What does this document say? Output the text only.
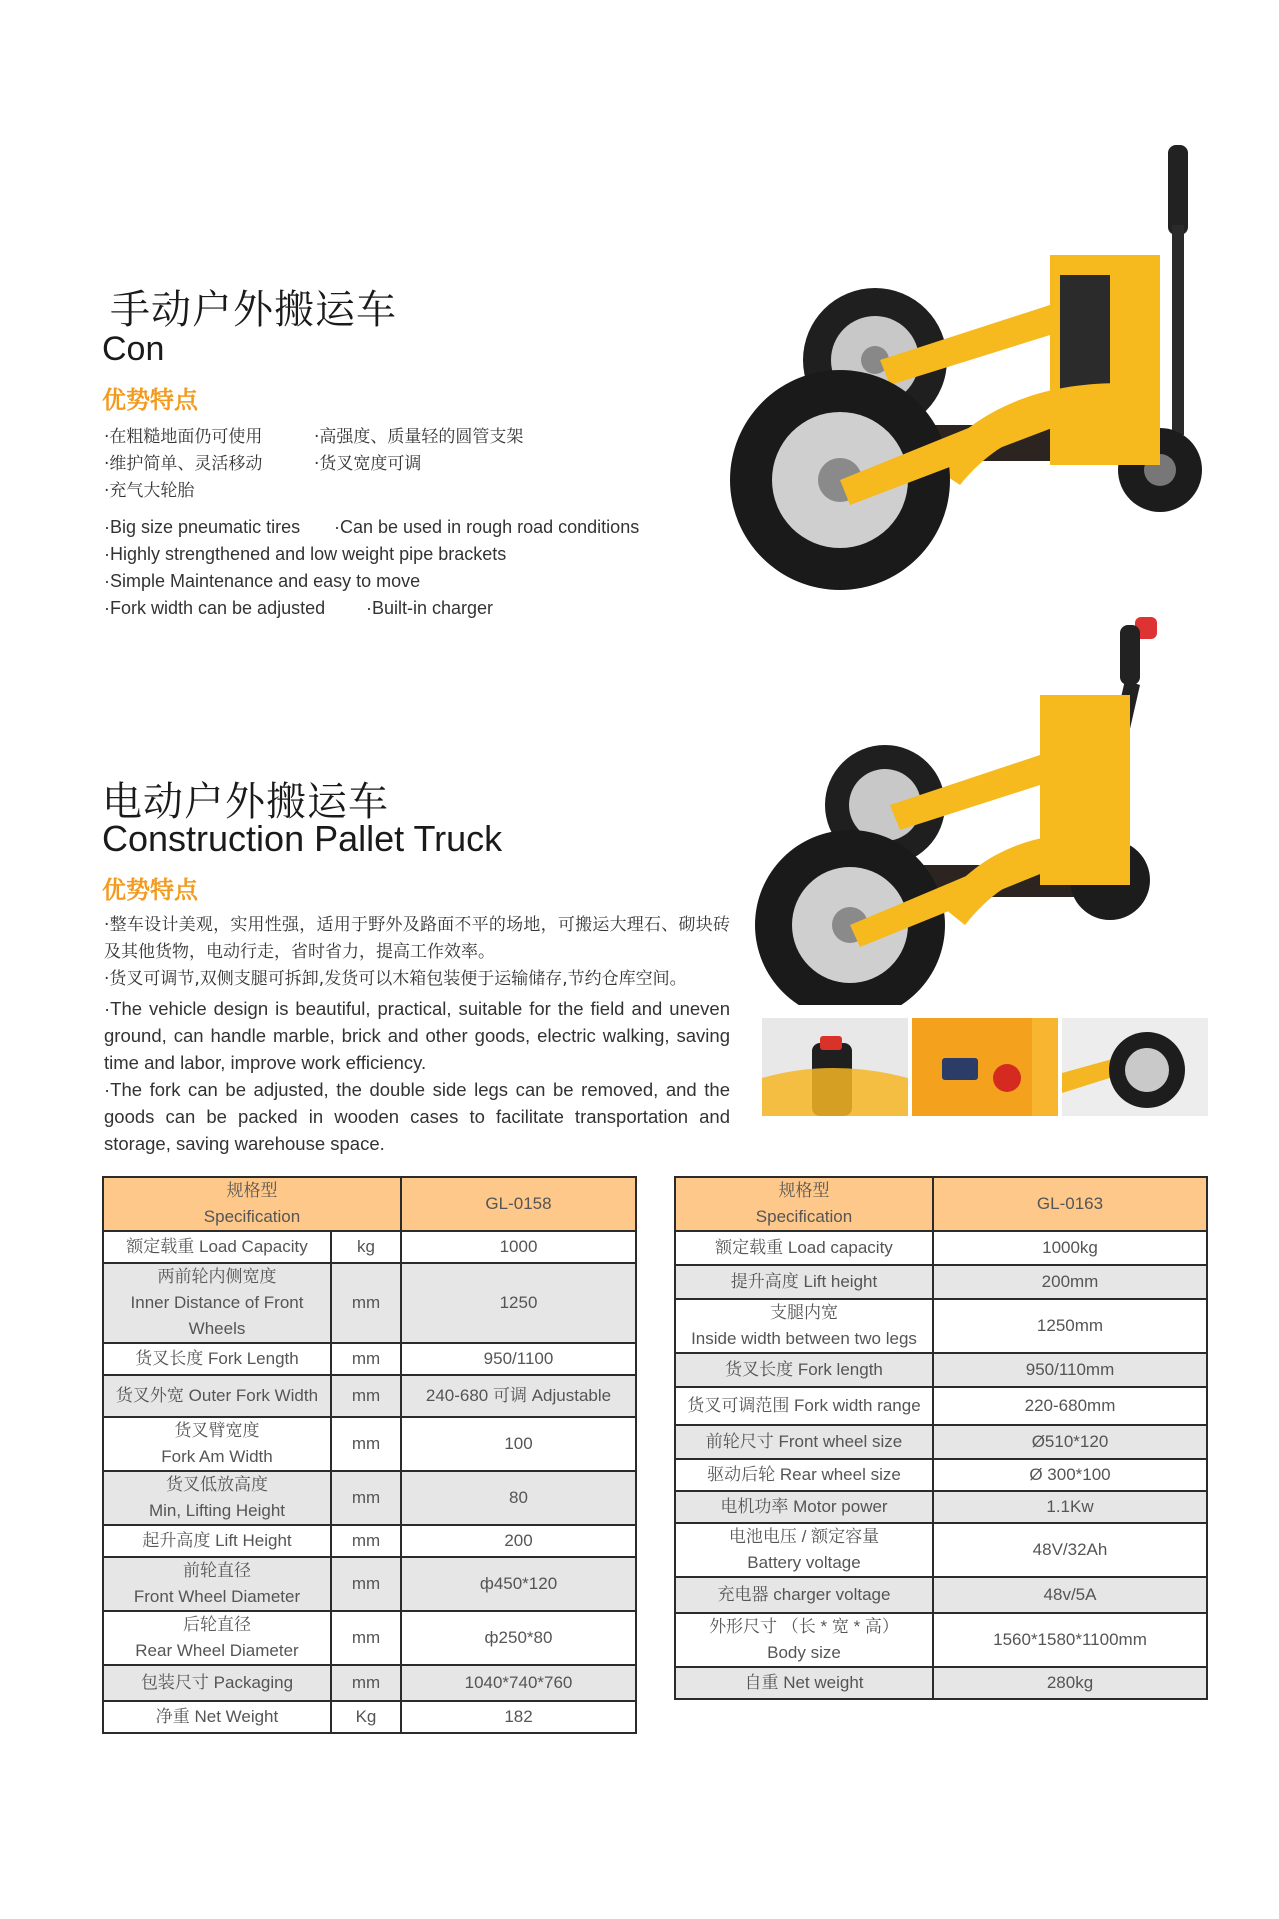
手动户外搬运车
Con
优势特点
·在粗糙地面仍可使用	·高强度、质量轻的圆管支架
·维护简单、灵活移动	·货叉宽度可调
·充气大轮胎
·Big size pneumatic tires ·Can be used in rough road conditions
·Highly strengthened and low weight pipe brackets
·Simple Maintenance and easy to move
·Fork width can be adjusted ·Built-in charger
电动户外搬运车
Construction Pallet Truck
优势特点
·整车设计美观，实用性强，适用于野外及路面不平的场地，可搬运大理石、砌块砖及其他货物，电动行走，省时省力，提高工作效率。
·货叉可调节,双侧支腿可拆卸,发货可以木箱包装便于运输储存,节约仓库空间。
·The vehicle design is beautiful, practical, suitable for the field and uneven ground, can handle marble, brick and other goods, electric walking, saving time and labor, improve work efficiency.
·The fork can be adjusted, the double side legs can be removed, and the goods can be packed in wooden cases to facilitate transportation and storage, saving warehouse space.
规格型
Specification		GL-0158

额定载重 Load Capacity	kg	1000

两前轮内侧宽度
Inner Distance of Front
Wheels	mm	1250

货叉长度 Fork Length	mm	950/1100

货叉外宽 Outer Fork Width	mm	240-680 可调 Adjustable

货叉臂宽度
Fork Am Width	mm	100

货叉低放高度
Min, Lifting Height	mm	80

起升高度 Lift Height	mm	200

前轮直径
Front Wheel Diameter	mm	ф450*120

后轮直径
Rear Wheel Diameter	mm	ф250*80

包装尺寸 Packaging	mm	1040*740*760

净重 Net Weight	Kg	182
规格型
Specification	GL-0163

额定载重 Load capacity	1000kg

提升高度 Lift height	200mm

支腿内宽
Inside width between two legs	1250mm

货叉长度 Fork length	950/110mm

货叉可调范围 Fork width range	220-680mm

前轮尺寸 Front wheel size	Ø510*120

驱动后轮 Rear wheel size	Ø 300*100

电机功率 Motor power	1.1Kw

电池电压 / 额定容量
Battery voltage	48V/32Ah

充电器 charger voltage	48v/5A

外形尺寸 （长 * 宽 * 高）
Body size	1560*1580*1100mm

自重 Net weight	280kg
